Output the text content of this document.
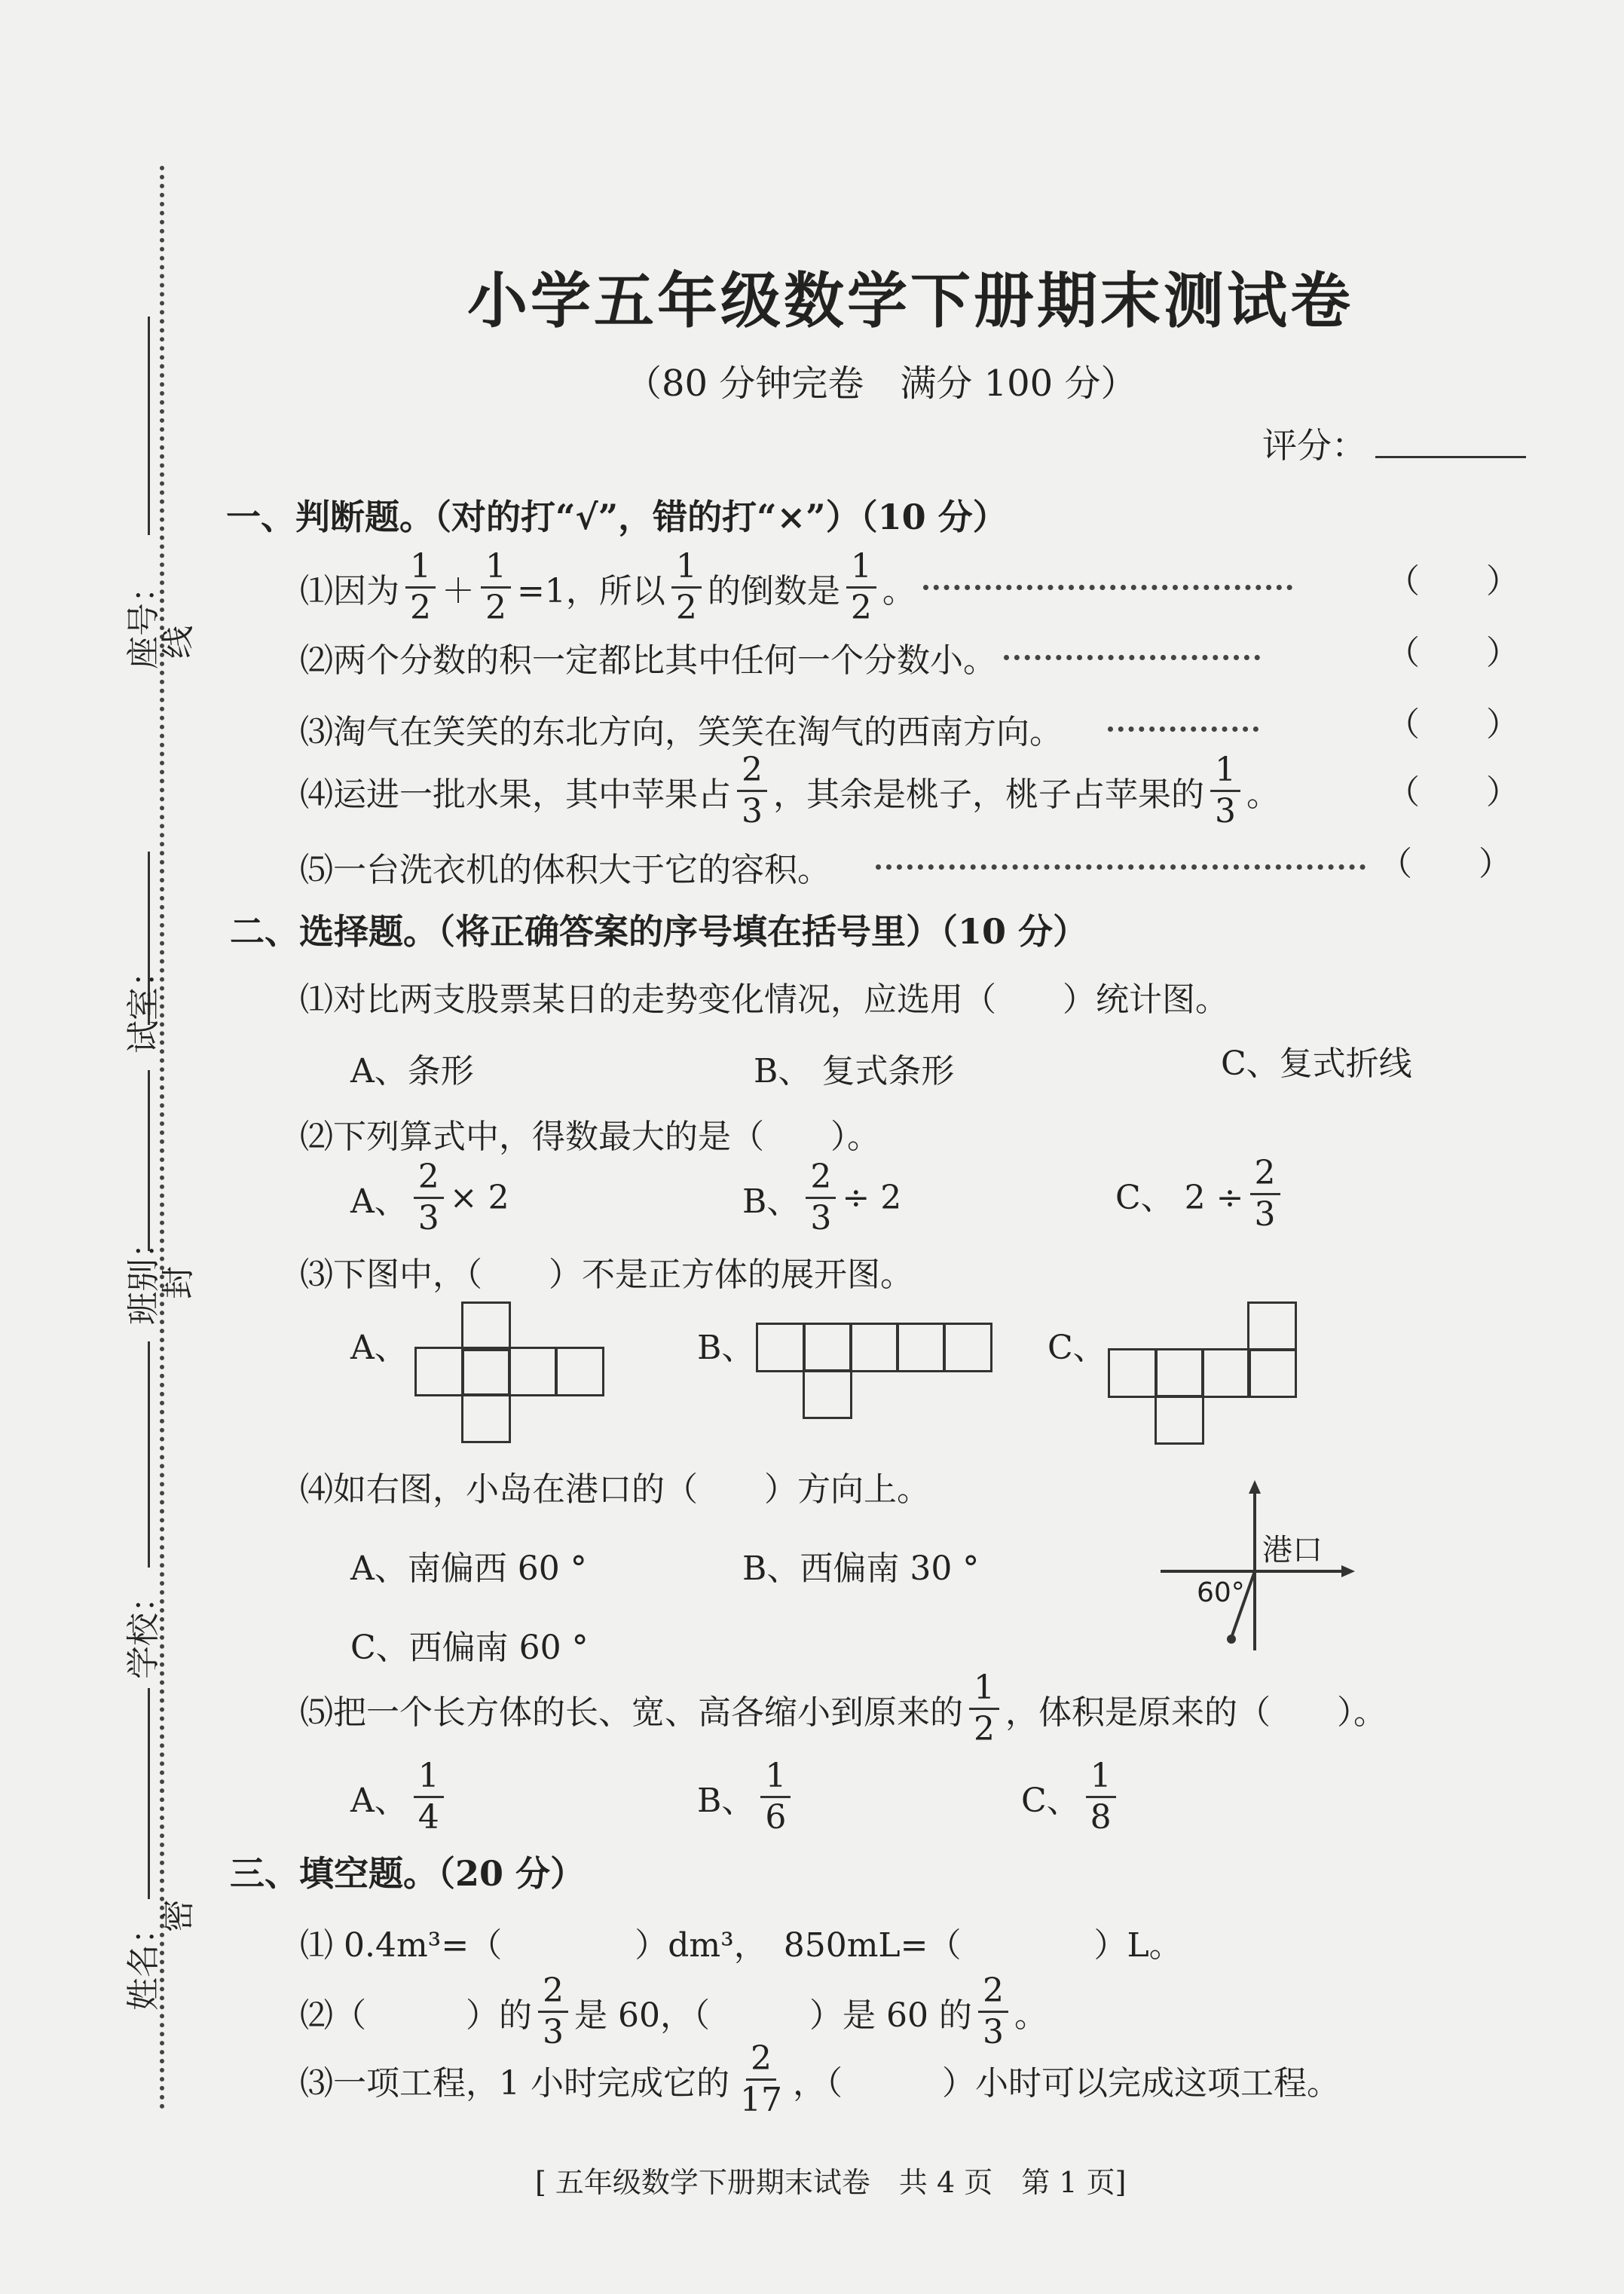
座号：
线
试室：
班别：
封
学校：
姓名：
密
小学五年级数学下册期末测试卷
（80 分钟完卷　满分 100 分）
评分：
一、判断题。（对的打“√”，错的打“×”）（10 分）
⑴因为 $\frac{1}{2} + \frac{1}{2} =1$，所以 $\frac{1}{2}$ 的倒数是 $\frac{1}{2}$ 。	（　　）
⑵两个分数的积一定都比其中任何一个分数小。	（　　）
⑶淘气在笑笑的东北方向，笑笑在淘气的西南方向。	（　　）
⑷运进一批水果，其中苹果占 $\frac{2}{3}$ ，其余是桃子，桃子占苹果的 $\frac{1}{3}$ 。	（　　）
⑸一台洗衣机的体积大于它的容积。	（　　）
二、选择题。（将正确答案的序号填在括号里）（10 分）
⑴对比两支股票某日的走势变化情况，应选用（　　）统计图。
A、条形	B、 复式条形	C、复式折线
⑵下列算式中，得数最大的是（　　）。
A、 $\frac{2}{3} \times 2$	B、 $\frac{2}{3} \div 2$	C、 $2 \div \frac{2}{3}$
⑶下图中，（　　）不是正方体的展开图。
A、	B、	C、
⑷如右图，小岛在港口的（　　）方向上。
A、南偏西 60 °	B、西偏南 30 °
C、西偏南 60 °
港口
60°
⑸把一个长方体的长、宽、高各缩小到原来的 $\frac{1}{2}$ ，体积是原来的（　　）。
A、 $\frac{1}{4}$	B、 $\frac{1}{6}$	C、 $\frac{1}{8}$
三、填空题。（20 分）
⑴ 0.4m³=（　　　　）dm³，　850mL=（　　　　）L。
⑵（　　　）的 $\frac{2}{3}$ 是 60，（　　　）是 60 的 $\frac{2}{3}$ 。
⑶一项工程，1 小时完成它的 $\frac{2}{17}$ ，（　　　）小时可以完成这项工程。
[ 五年级数学下册期末试卷　共 4 页　第 1 页]
